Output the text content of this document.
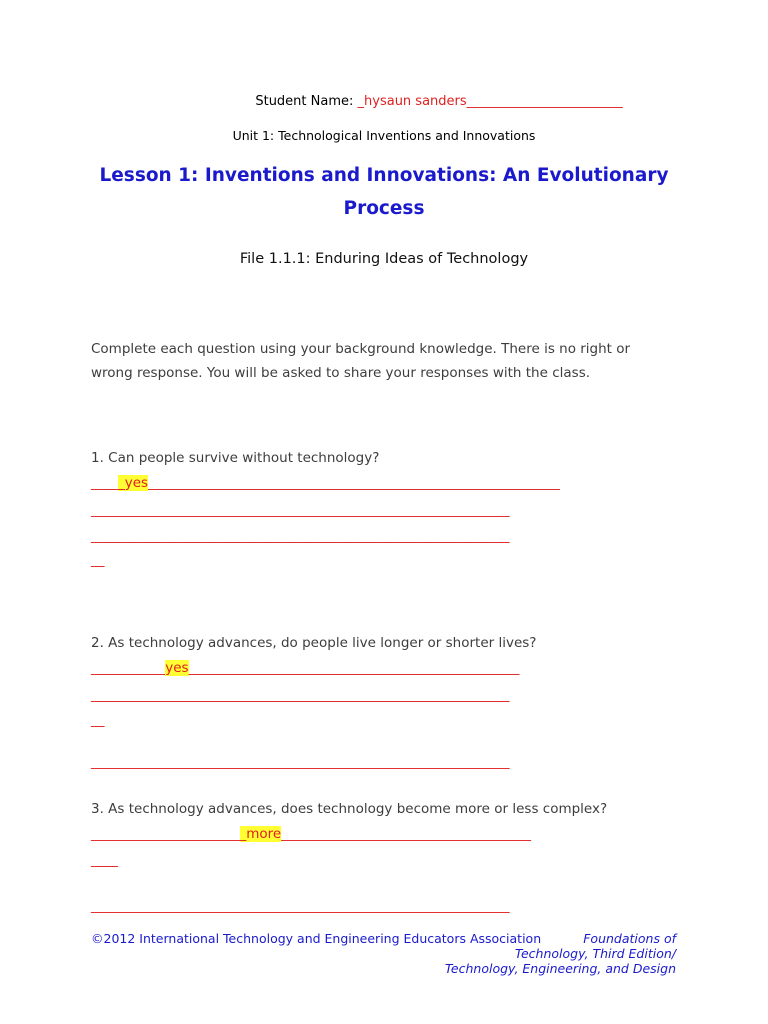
Student Name: _hysaun sanders________________________
Unit 1: Technological Inventions and Innovations
Lesson 1: Inventions and Innovations: An Evolutionary
Process
File 1.1.1: Enduring Ideas of Technology
Complete each question using your background knowledge. There is no right or
wrong response. You will be asked to share your responses with the class.
1. Can people survive without technology?
_____yes_____________________________________________________________
______________________________________________________________
______________________________________________________________
__
2. As technology advances, do people live longer or shorter lives?
___________yes_________________________________________________
______________________________________________________________
__
______________________________________________________________
3. As technology advances, does technology become more or less complex?
_______________________more_____________________________________
____
______________________________________________________________
©2012 International Technology and Engineering Educators Association	Foundations of
Technology, Third Edition/
Technology, Engineering, and Design
